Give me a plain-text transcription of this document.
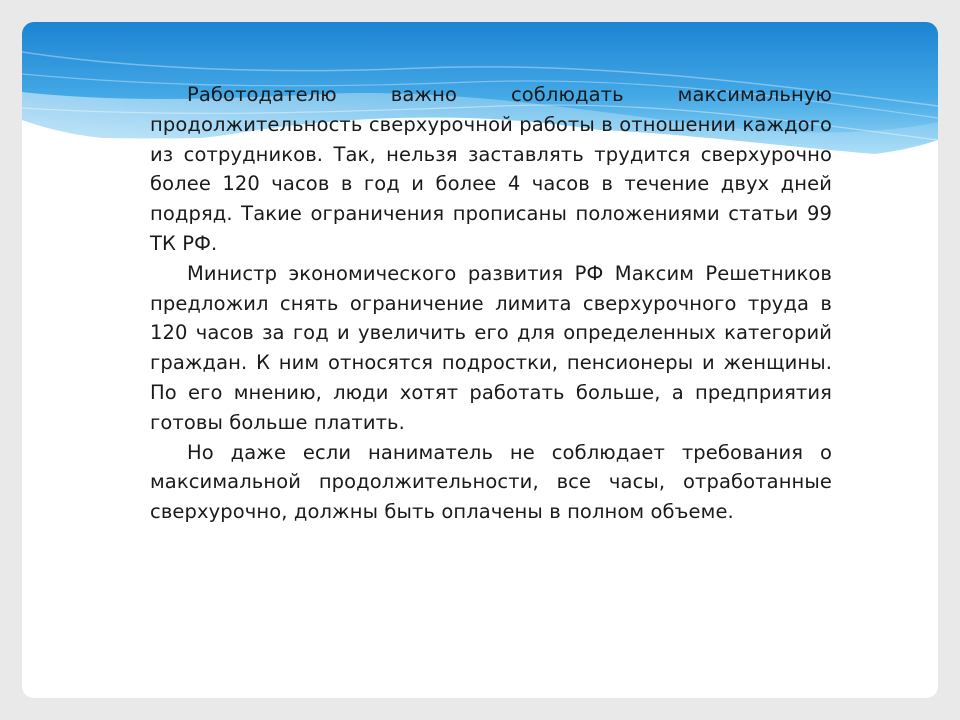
Работодателю важно соблюдать максимальную продолжительность сверхурочной работы в отношении каждого из сотрудников. Так, нельзя заставлять трудится сверхурочно более 120 часов в год и более 4 часов в течение двух дней подряд. Такие ограничения прописаны положениями статьи 99 ТК РФ.

Министр экономического развития РФ Максим Решетников предложил снять ограничение лимита сверхурочного труда в 120 часов за год и увеличить его для определенных категорий граждан. К ним относятся подростки, пенсионеры и женщины. По его мнению, люди хотят работать больше, а предприятия готовы больше платить.

Но даже если наниматель не соблюдает требования о максимальной продолжительности, все часы, отработанные сверхурочно, должны быть оплачены в полном объеме.
